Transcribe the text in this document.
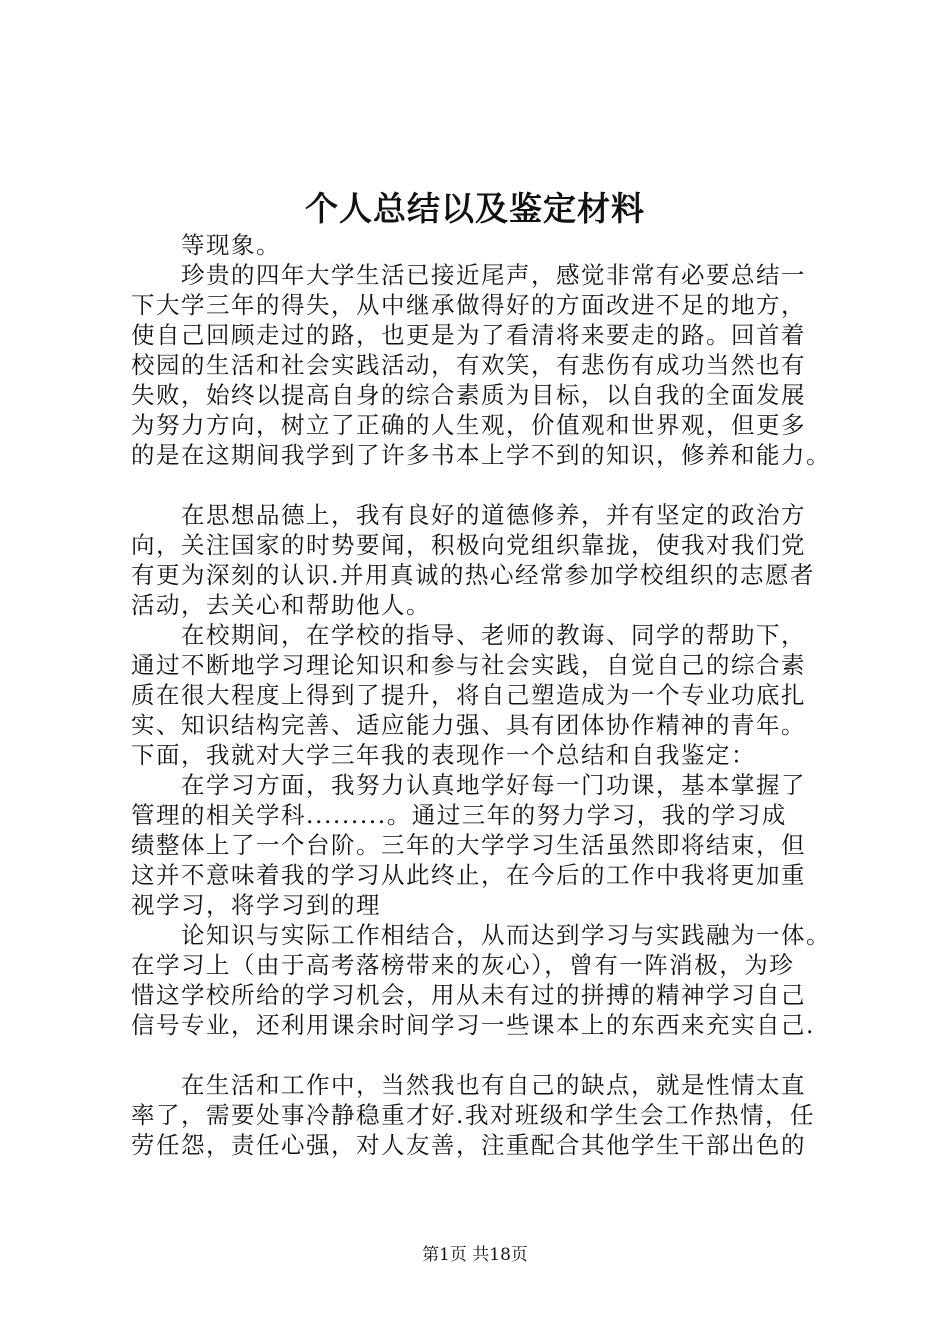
个人总结以及鉴定材料
等现象。
珍贵的四年大学生活已接近尾声，感觉非常有必要总结一
下大学三年的得失，从中继承做得好的方面改进不足的地方，
使自己回顾走过的路，也更是为了看清将来要走的路。回首着
校园的生活和社会实践活动，有欢笑，有悲伤有成功当然也有
失败，始终以提高自身的综合素质为目标，以自我的全面发展
为努力方向，树立了正确的人生观，价值观和世界观，但更多
的是在这期间我学到了许多书本上学不到的知识，修养和能力。
在思想品德上，我有良好的道德修养，并有坚定的政治方
向，关注国家的时势要闻，积极向党组织靠拢，使我对我们党
有更为深刻的认识.并用真诚的热心经常参加学校组织的志愿者
活动，去关心和帮助他人。
在校期间，在学校的指导、老师的教诲、同学的帮助下，
通过不断地学习理论知识和参与社会实践，自觉自己的综合素
质在很大程度上得到了提升，将自己塑造成为一个专业功底扎
实、知识结构完善、适应能力强、具有团体协作精神的青年。
下面，我就对大学三年我的表现作一个总结和自我鉴定：
在学习方面，我努力认真地学好每一门功课，基本掌握了
管理的相关学科.........。通过三年的努力学习，我的学习成
绩整体上了一个台阶。三年的大学学习生活虽然即将结束，但
这并不意味着我的学习从此终止，在今后的工作中我将更加重
视学习，将学习到的理
论知识与实际工作相结合，从而达到学习与实践融为一体。
在学习上（由于高考落榜带来的灰心），曾有一阵消极，为珍
惜这学校所给的学习机会，用从未有过的拼搏的精神学习自己
信号专业，还利用课余时间学习一些课本上的东西来充实自己.
在生活和工作中，当然我也有自己的缺点，就是性情太直
率了，需要处事冷静稳重才好.我对班级和学生会工作热情，任
劳任怨，责任心强，对人友善，注重配合其他学生干部出色的
第1页 共18页
